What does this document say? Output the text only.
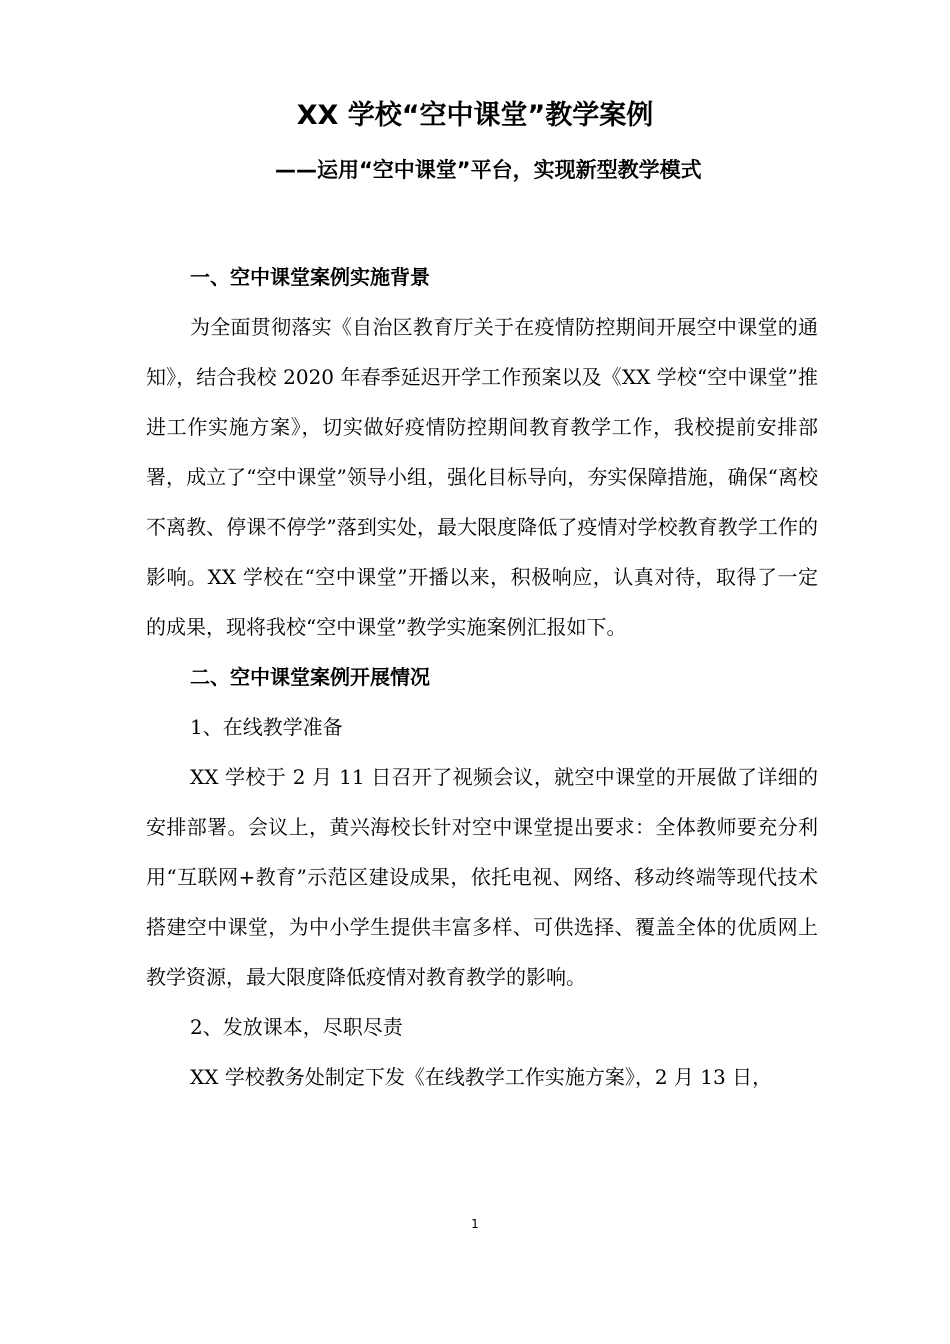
XX 学校“空中课堂”教学案例

——运用“空中课堂”平台，实现新型教学模式

一、空中课堂案例实施背景

为全面贯彻落实《自治区教育厅关于在疫情防控期间开展空中课堂的通知》，结合我校 2020 年春季延迟开学工作预案以及《XX 学校“空中课堂”推进工作实施方案》，切实做好疫情防控期间教育教学工作，我校提前安排部署，成立了“空中课堂”领导小组，强化目标导向，夯实保障措施，确保“离校不离教、停课不停学”落到实处，最大限度降低了疫情对学校教育教学工作的影响。XX 学校在“空中课堂”开播以来，积极响应，认真对待，取得了一定的成果，现将我校“空中课堂”教学实施案例汇报如下。

二、空中课堂案例开展情况

1、在线教学准备

XX 学校于 2 月 11 日召开了视频会议，就空中课堂的开展做了详细的安排部署。会议上，黄兴海校长针对空中课堂提出要求：全体教师要充分利用“互联网+教育”示范区建设成果，依托电视、网络、移动终端等现代技术搭建空中课堂，为中小学生提供丰富多样、可供选择、覆盖全体的优质网上教学资源，最大限度降低疫情对教育教学的影响。

2、发放课本，尽职尽责

XX 学校教务处制定下发《在线教学工作实施方案》，2 月 13 日，

1
